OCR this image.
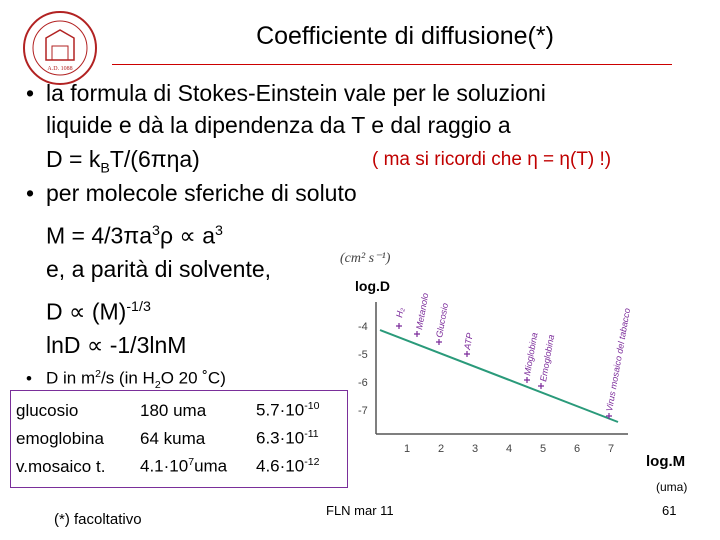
A.D. 1088
Coefficiente di diffusione(*)
• la formula di Stokes-Einstein vale per le soluzioni
liquide e dà la dipendenza da T e dal raggio a
$D = k_BT/(6\pi\eta a)$	( ma si ricordi che η = η(T) !)
• per molecole sferiche di soluto
$M = 4/3\pi a^3\rho \propto a^3$
e, a parità di solvente,
$D \propto (M)^{-1/3}$
lnD ∝ -1/3lnM
• D in $m^2/s$ (in $H_2O$ 20 ˚C)
glucosio	180 uma	$5.7\cdot 10^{-10}$
emoglobina 64 kuma	$6.3\cdot 10^{-11}$
v.mosaico t. $4.1\cdot 10^7uma$ $4.6\cdot 10^{-12}$
H₂ Metanolo Glucosio
ATP	Mioglobina
Emoglobina	Virus mosaico del tabacco
-4
-5
-6
-7
1	2	3	4	5	6	7
(cm² s⁻¹)
log.D
log.M
(uma)
(*) facoltativo
FLN mar 11	61
